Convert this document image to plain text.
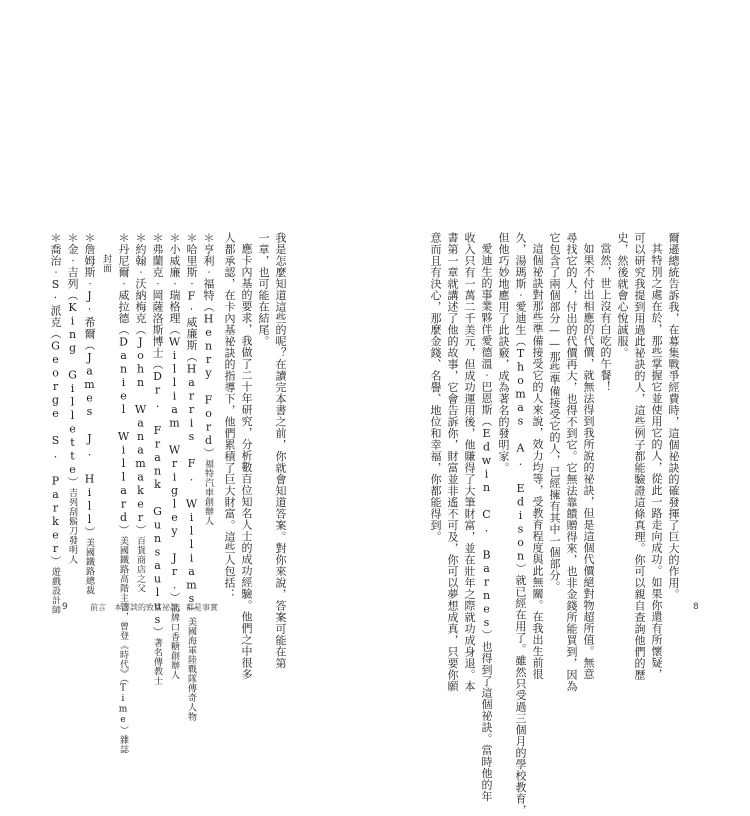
我是怎麼知道這些的呢？在讀完本書之前，你就會知道答案。對你來說，答案可能在第
一章，也可能在結尾。
應卡內基的要求，我做了二十年研究，分析數百位知名人士的成功經驗。他們之中很多
人都承認，在卡內基祕訣的指導下，他們累積了巨大財富。這些人包括：
＊亨利‧福特（Henry Ford）福特汽車創辦人
＊哈里斯‧F‧威廉斯（Harris F. Williams）美國海軍陸戰隊傳奇人物
＊小威廉‧瑞格理（William Wrigley Jr.）箭牌口香糖創辦人
＊弗蘭克‧岡薩洛斯博士（Dr. Frank Gunsaulus）著名傳教士
＊約翰‧沃納梅克（John Wanamaker）百貨商店之父
＊丹尼爾‧威拉德（Daniel Willard）美國鐵路高階主管，曾登《時代》（Time）雜誌
封面
＊詹姆斯‧J‧希爾（James J. Hill）美國鐵路總裁
＊金‧吉列（King Gillette）吉列刮鬍刀發明人
＊喬治‧S‧派克（George S. Parker）遊戲設計師 9	前言　本書談的致富祕訣，都是事實
爾遜總統告訴我，在募集戰爭經費時，這個祕訣的確發揮了巨大的作用。
其特別之處在於，那些掌握它並使用它的人，從此一路走向成功。如果你還有所懷疑，
可以研究我提到用過此祕訣的人，這些例子都能驗證這條真理。你可以親自查詢他們的歷
史，然後就會心悅誠服。
當然，世上沒有白吃的午餐！
如果不付出相應的代價，就無法得到我所說的祕訣，但是這個代價絕對物超所值。無意
尋找它的人，付出的代價再大，也得不到它。它無法靠饋贈得來，也非金錢所能買到，因為
它包含了兩個部分——那些準備接受它的人，已經擁有其中一個部分。
這個祕訣對那些準備接受它的人來說，效力均等，受教育程度與此無關。在我出生前很
久，湯瑪斯‧愛迪生（Thomas A. Edison）就已經在用了。雖然只受過三個月的學校教育，
但他巧妙地應用了此訣竅，成為著名的發明家。
愛迪生的事業夥伴愛德溫‧巴恩斯（Edwin C. Barnes）也得到了這個祕訣。當時他的年
收入只有一萬二千美元，但成功運用後，他賺得了大筆財富，並在壯年之際就功成身退。本
書第一章就講述了他的故事，它會告訴你，財富並非遙不可及，你可以夢想成真，只要你願
意而且有決心，那麼金錢、名譽、地位和幸福，你都能得到。
8
